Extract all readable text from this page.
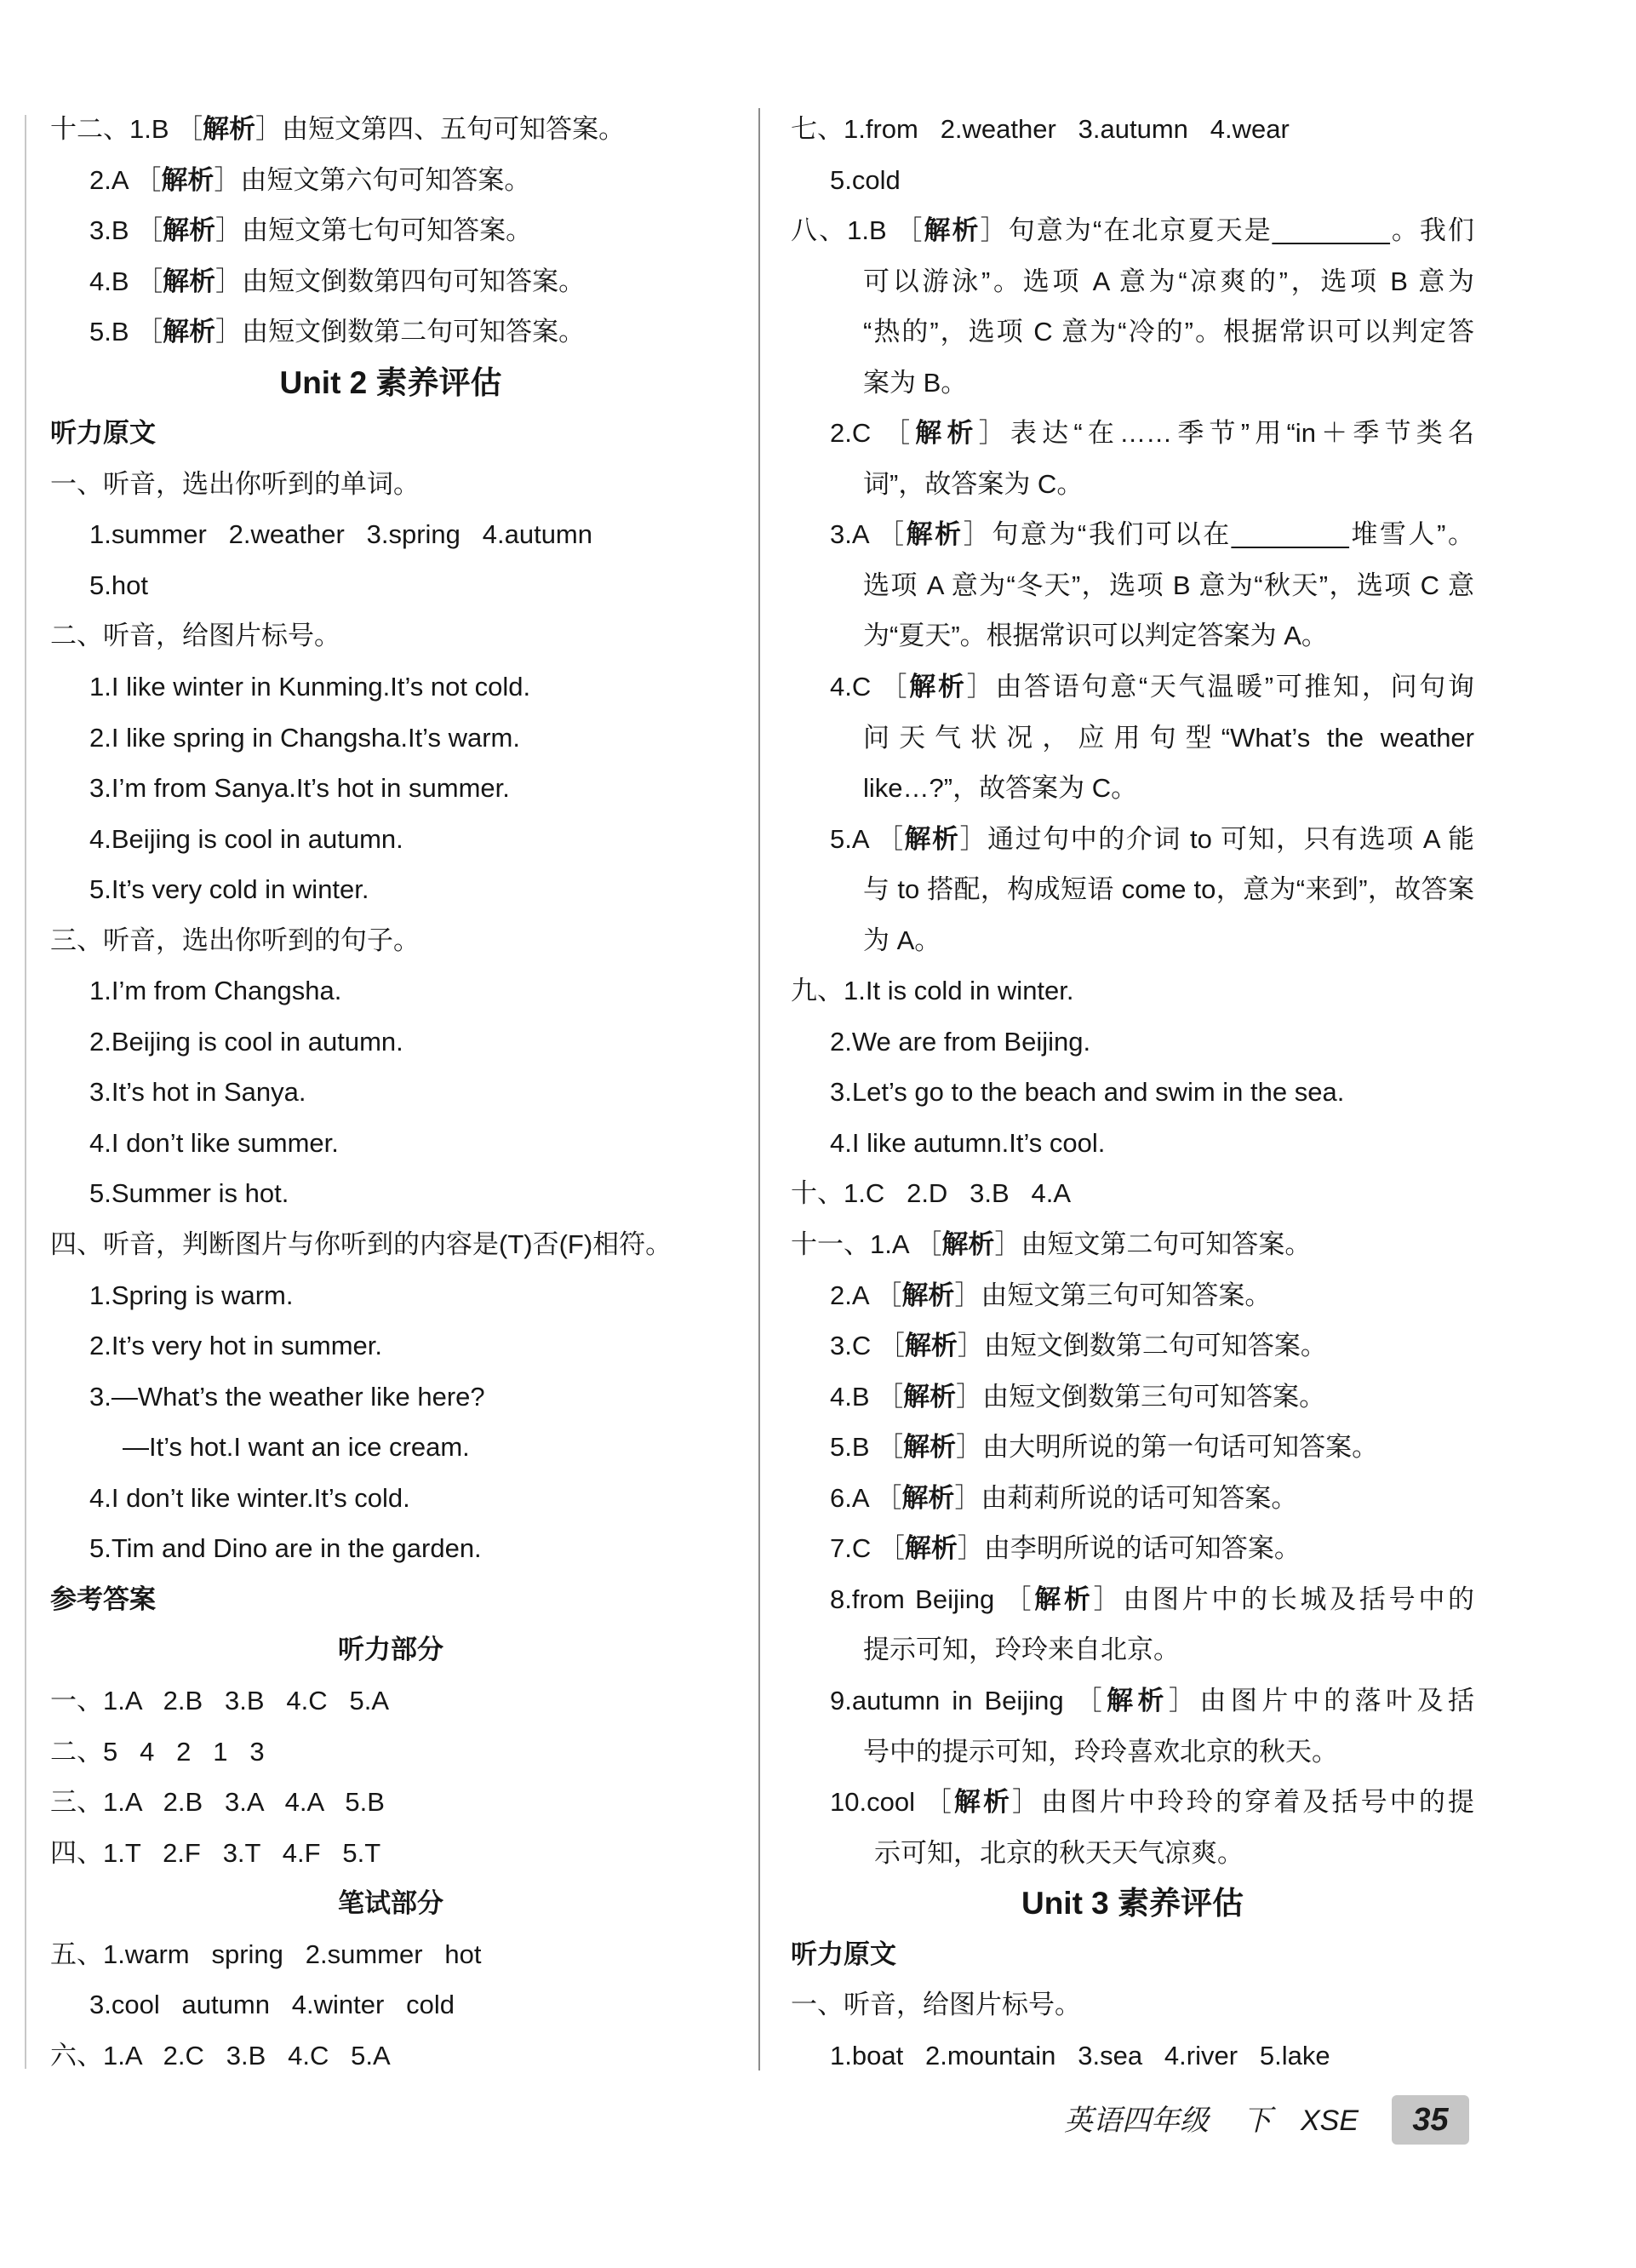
十二、1.B ［解析］由短文第四、五句可知答案。
2.A ［解析］由短文第六句可知答案。
3.B ［解析］由短文第七句可知答案。
4.B ［解析］由短文倒数第四句可知答案。
5.B ［解析］由短文倒数第二句可知答案。
Unit 2 素养评估
听力原文
一、听音，选出你听到的单词。
1.summer   2.weather   3.spring   4.autumn
5.hot
二、听音，给图片标号。
1.I like winter in Kunming.It’s not cold.
2.I like spring in Changsha.It’s warm.
3.I’m from Sanya.It’s hot in summer.
4.Beijing is cool in autumn.
5.It’s very cold in winter.
三、听音，选出你听到的句子。
1.I’m from Changsha.
2.Beijing is cool in autumn.
3.It’s hot in Sanya.
4.I don’t like summer.
5.Summer is hot.
四、听音，判断图片与你听到的内容是(T)否(F)相符。
1.Spring is warm.
2.It’s very hot in summer.
3.—What’s the weather like here?
—It’s hot.I want an ice cream.
4.I don’t like winter.It’s cold.
5.Tim and Dino are in the garden.
参考答案
听力部分
一、1.A   2.B   3.B   4.C   5.A
二、5   4   2   1   3
三、1.A   2.B   3.A   4.A   5.B
四、1.T   2.F   3.T   4.F   5.T
笔试部分
五、1.warm   spring   2.summer   hot
3.cool   autumn   4.winter   cold
六、1.A   2.C   3.B   4.C   5.A
七、1.from   2.weather   3.autumn   4.wear
5.cold
八、1.B ［解析］句意为“在北京夏天是________。我们
可以游泳”。选项 A 意为“凉爽的”，选项 B 意为
“热的”，选项 C 意为“冷的”。根据常识可以判定答
案为 B。
2.C ［解析］表达“在……季节”用“in＋季节类名
词”，故答案为 C。
3.A ［解析］句意为“我们可以在________堆雪人”。
选项 A 意为“冬天”，选项 B 意为“秋天”，选项 C 意
为“夏天”。根据常识可以判定答案为 A。
4.C ［解析］由答语句意“天气温暖”可推知，问句询
问天气状况，应用句型“What’s the weather
like…?”，故答案为 C。
5.A ［解析］通过句中的介词 to 可知，只有选项 A 能
与 to 搭配，构成短语 come to，意为“来到”，故答案
为 A。
九、1.It is cold in winter.
2.We are from Beijing.
3.Let’s go to the beach and swim in the sea.
4.I like autumn.It’s cool.
十、1.C   2.D   3.B   4.A
十一、1.A ［解析］由短文第二句可知答案。
2.A ［解析］由短文第三句可知答案。
3.C ［解析］由短文倒数第二句可知答案。
4.B ［解析］由短文倒数第三句可知答案。
5.B ［解析］由大明所说的第一句话可知答案。
6.A ［解析］由莉莉所说的话可知答案。
7.C ［解析］由李明所说的话可知答案。
8.from Beijing ［解析］由图片中的长城及括号中的
提示可知，玲玲来自北京。
9.autumn in Beijing ［解析］由图片中的落叶及括
号中的提示可知，玲玲喜欢北京的秋天。
10.cool ［解析］由图片中玲玲的穿着及括号中的提
示可知，北京的秋天天气凉爽。
Unit 3 素养评估
听力原文
一、听音，给图片标号。
1.boat   2.mountain   3.sea   4.river   5.lake
英语四年级 下 XSE	35
